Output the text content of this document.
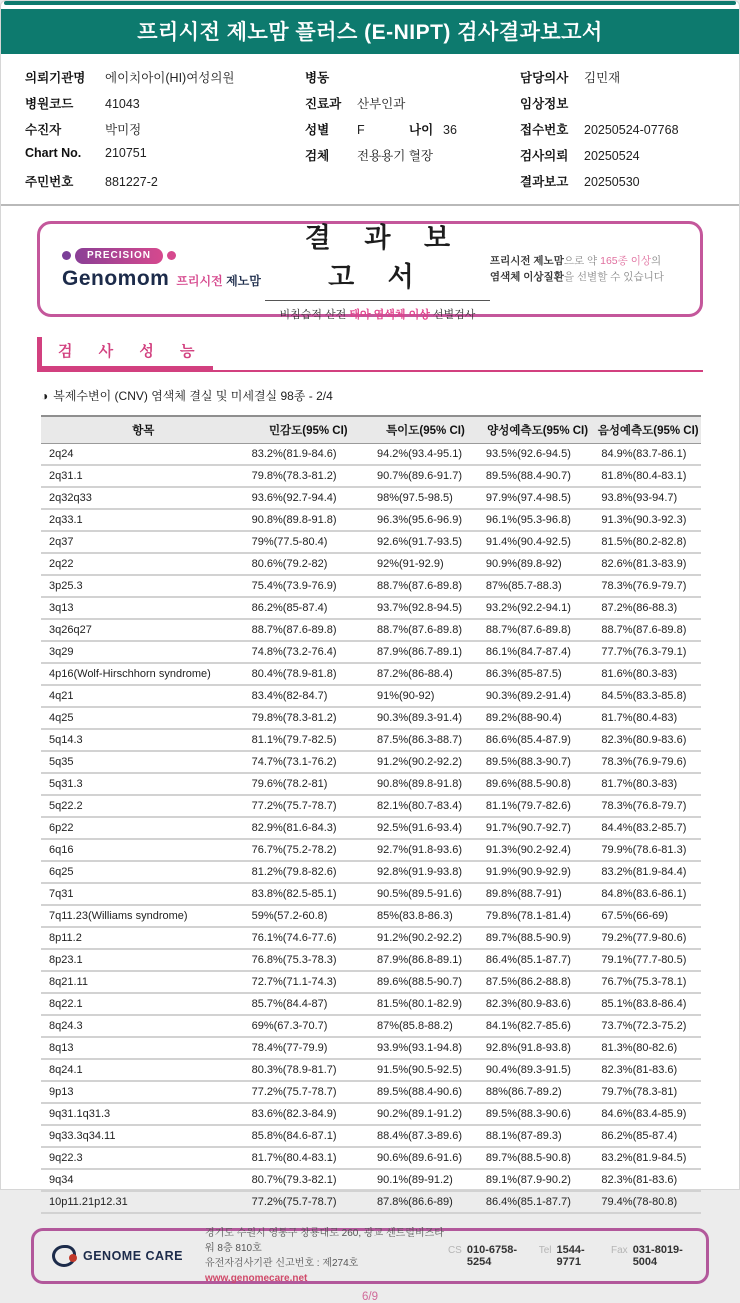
프리시전 제노맘 플러스 (E-NIPT) 검사결과보고서
의뢰기관명	에이치아이(HI)여성의원
병원코드	41043
수진자	박미정
Chart No.	210751
주민번호	881227-2
병동
진료과	산부인과
성별	F	나이 36
검체	전용용기 혈장
담당의사	김민재
임상정보
접수번호	20250524-07768
검사의뢰	20250524
결과보고	20250530
PRECISION
Genomom 프리시전 제노맘
결 과 보 고 서
비침습적 산전 태아 염색체 이상 선별검사
프리시전 제노맘으로 약 165종 이상의
염색체 이상질환을 선별할 수 있습니다
검 사 성 능
◑ 복제수변이 (CNV) 염색체 결실 및 미세결실 98종 - 2/4
항목	민감도(95% CI)	특이도(95% CI)	양성예측도(95% CI)	음성예측도(95% CI)
2q24	83.2%(81.9-84.6)	94.2%(93.4-95.1)	93.5%(92.6-94.5)	84.9%(83.7-86.1)
2q31.1	79.8%(78.3-81.2)	90.7%(89.6-91.7)	89.5%(88.4-90.7)	81.8%(80.4-83.1)
2q32q33	93.6%(92.7-94.4)	98%(97.5-98.5)	97.9%(97.4-98.5)	93.8%(93-94.7)
2q33.1	90.8%(89.8-91.8)	96.3%(95.6-96.9)	96.1%(95.3-96.8)	91.3%(90.3-92.3)
2q37	79%(77.5-80.4)	92.6%(91.7-93.5)	91.4%(90.4-92.5)	81.5%(80.2-82.8)
2q22	80.6%(79.2-82)	92%(91-92.9)	90.9%(89.8-92)	82.6%(81.3-83.9)
3p25.3	75.4%(73.9-76.9)	88.7%(87.6-89.8)	87%(85.7-88.3)	78.3%(76.9-79.7)
3q13	86.2%(85-87.4)	93.7%(92.8-94.5)	93.2%(92.2-94.1)	87.2%(86-88.3)
3q26q27	88.7%(87.6-89.8)	88.7%(87.6-89.8)	88.7%(87.6-89.8)	88.7%(87.6-89.8)
3q29	74.8%(73.2-76.4)	87.9%(86.7-89.1)	86.1%(84.7-87.4)	77.7%(76.3-79.1)
4p16(Wolf-Hirschhorn syndrome)	80.4%(78.9-81.8)	87.2%(86-88.4)	86.3%(85-87.5)	81.6%(80.3-83)
4q21	83.4%(82-84.7)	91%(90-92)	90.3%(89.2-91.4)	84.5%(83.3-85.8)
4q25	79.8%(78.3-81.2)	90.3%(89.3-91.4)	89.2%(88-90.4)	81.7%(80.4-83)
5q14.3	81.1%(79.7-82.5)	87.5%(86.3-88.7)	86.6%(85.4-87.9)	82.3%(80.9-83.6)
5q35	74.7%(73.1-76.2)	91.2%(90.2-92.2)	89.5%(88.3-90.7)	78.3%(76.9-79.6)
5q31.3	79.6%(78.2-81)	90.8%(89.8-91.8)	89.6%(88.5-90.8)	81.7%(80.3-83)
5q22.2	77.2%(75.7-78.7)	82.1%(80.7-83.4)	81.1%(79.7-82.6)	78.3%(76.8-79.7)
6p22	82.9%(81.6-84.3)	92.5%(91.6-93.4)	91.7%(90.7-92.7)	84.4%(83.2-85.7)
6q16	76.7%(75.2-78.2)	92.7%(91.8-93.6)	91.3%(90.2-92.4)	79.9%(78.6-81.3)
6q25	81.2%(79.8-82.6)	92.8%(91.9-93.8)	91.9%(90.9-92.9)	83.2%(81.9-84.4)
7q31	83.8%(82.5-85.1)	90.5%(89.5-91.6)	89.8%(88.7-91)	84.8%(83.6-86.1)
7q11.23(Williams syndrome)	59%(57.2-60.8)	85%(83.8-86.3)	79.8%(78.1-81.4)	67.5%(66-69)
8p11.2	76.1%(74.6-77.6)	91.2%(90.2-92.2)	89.7%(88.5-90.9)	79.2%(77.9-80.6)
8p23.1	76.8%(75.3-78.3)	87.9%(86.8-89.1)	86.4%(85.1-87.7)	79.1%(77.7-80.5)
8q21.11	72.7%(71.1-74.3)	89.6%(88.5-90.7)	87.5%(86.2-88.8)	76.7%(75.3-78.1)
8q22.1	85.7%(84.4-87)	81.5%(80.1-82.9)	82.3%(80.9-83.6)	85.1%(83.8-86.4)
8q24.3	69%(67.3-70.7)	87%(85.8-88.2)	84.1%(82.7-85.6)	73.7%(72.3-75.2)
8q13	78.4%(77-79.9)	93.9%(93.1-94.8)	92.8%(91.8-93.8)	81.3%(80-82.6)
8q24.1	80.3%(78.9-81.7)	91.5%(90.5-92.5)	90.4%(89.3-91.5)	82.3%(81-83.6)
9p13	77.2%(75.7-78.7)	89.5%(88.4-90.6)	88%(86.7-89.2)	79.7%(78.3-81)
9q31.1q31.3	83.6%(82.3-84.9)	90.2%(89.1-91.2)	89.5%(88.3-90.6)	84.6%(83.4-85.9)
9q33.3q34.11	85.8%(84.6-87.1)	88.4%(87.3-89.6)	88.1%(87-89.3)	86.2%(85-87.4)
9q22.3	81.7%(80.4-83.1)	90.6%(89.6-91.6)	89.7%(88.5-90.8)	83.2%(81.9-84.5)
9q34	80.7%(79.3-82.1)	90.1%(89-91.2)	89.1%(87.9-90.2)	82.3%(81-83.6)
10p11.21p12.31	77.2%(75.7-78.7)	87.8%(86.6-89)	86.4%(85.1-87.7)	79.4%(78-80.8)
GENOME CARE
경기도 수원시 영통구 창룡대로 260, 광교 센트럴비즈타워 8층 810호
유전자검사기관 신고번호 : 제274호
www.genomecare.net
CS 010-6758-5254
Tel 1544-9771
Fax 031-8019-5004
6/9
